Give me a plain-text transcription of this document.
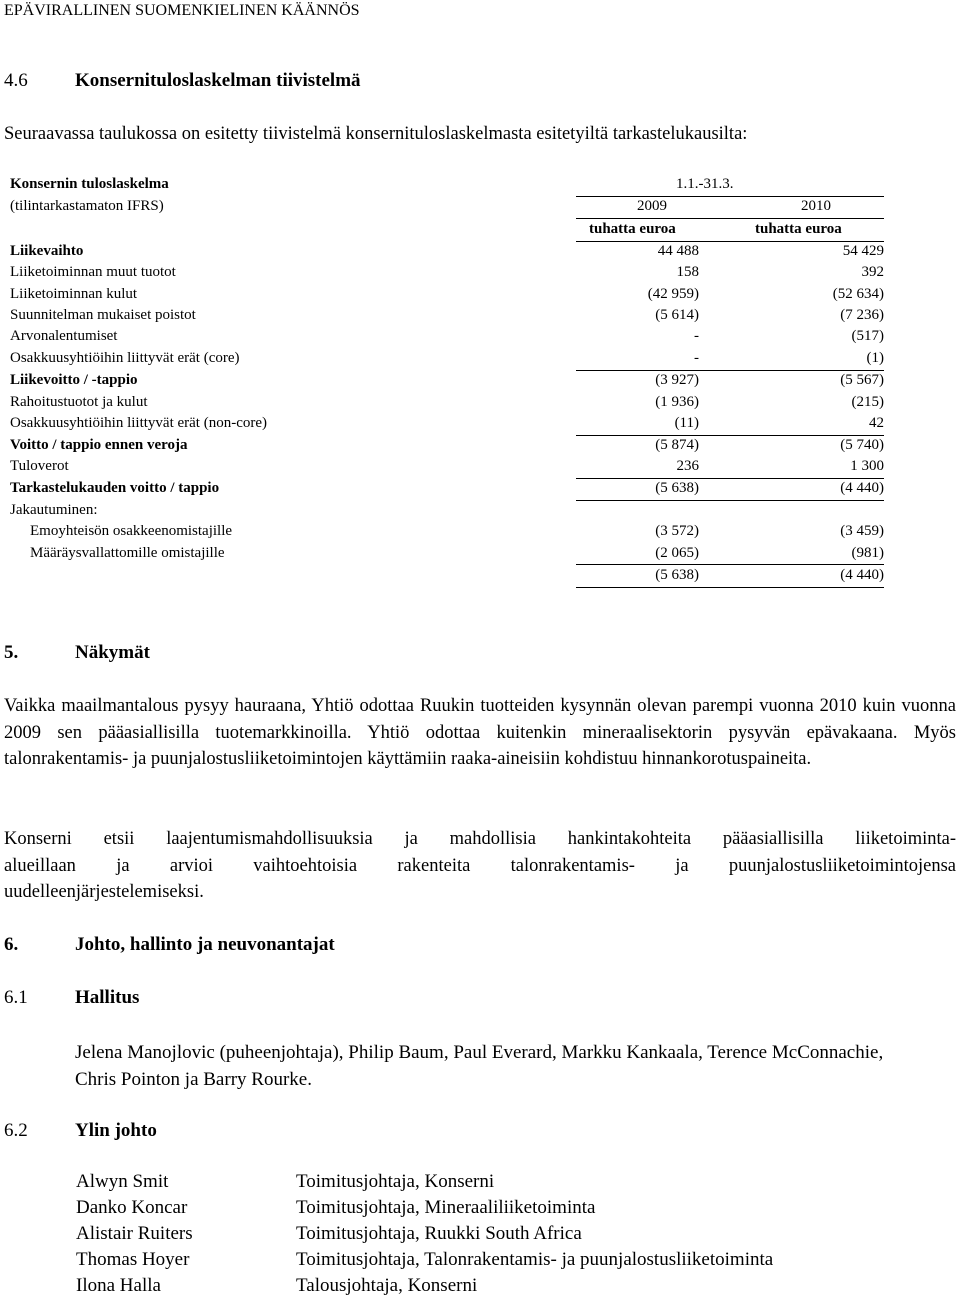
EPÄVIRALLINEN SUOMENKIELINEN KÄÄNNÖS
4.6 Konsernituloslaskelman tiivistelmä
Seuraavassa taulukossa on esitetty tiivistelmä konsernituloslaskelmasta esitetyiltä tarkastelukausilta:
Konsernin tuloslaskelma	1.1.-31.3.
(tilintarkastamaton IFRS)	2009	2010
tuhatta euroa	tuhatta euroa
Liikevaihto	44 488	54 429
Liiketoiminnan muut tuotot	158	392
Liiketoiminnan kulut	(42 959)	(52 634)
Suunnitelman mukaiset poistot	(5 614)	(7 236)
Arvonalentumiset	-	(517)
Osakkuusyhtiöihin liittyvät erät (core)	-	(1)
Liikevoitto / -tappio	(3 927)	(5 567)
Rahoitustuotot ja kulut	(1 936)	(215)
Osakkuusyhtiöihin liittyvät erät (non-core)	(11)	42
Voitto / tappio ennen veroja	(5 874)	(5 740)
Tuloverot	236	1 300
Tarkastelukauden voitto / tappio	(5 638)	(4 440)
Jakautuminen:
Emoyhteisön osakkeenomistajille	(3 572)	(3 459)
Määräysvallattomille omistajille	(2 065)	(981)
(5 638)	(4 440)
5.	Näkymät
Vaikka maailmantalous pysyy hauraana, Yhtiö odottaa Ruukin tuotteiden kysynnän olevan parempi vuonna 2010 kuin vuonna 2009 sen pääasiallisilla tuotemarkkinoilla. Yhtiö odottaa kuitenkin mineraalisektorin pysyvän epävakaana. Myös talonrakentamis- ja puunjalostusliiketoimintojen käyttämiin raaka-aineisiin kohdistuu hinnankorotuspaineita.
Konserni etsii laajentumismahdollisuuksia ja mahdollisia hankintakohteita pääasiallisilla liiketoiminta-
alueillaan ja arvioi vaihtoehtoisia rakenteita talonrakentamis- ja puunjalostusliiketoimintojensa
uudelleenjärjestelemiseksi.
6.	Johto, hallinto ja neuvonantajat
6.1 Hallitus
Jelena Manojlovic (puheenjohtaja), Philip Baum, Paul Everard, Markku Kankaala, Terence McConnachie, Chris Pointon ja Barry Rourke.
6.2 Ylin johto
Alwyn Smit	Toimitusjohtaja, Konserni
Danko Koncar	Toimitusjohtaja, Mineraaliliiketoiminta
Alistair Ruiters	Toimitusjohtaja, Ruukki South Africa
Thomas Hoyer	Toimitusjohtaja, Talonrakentamis- ja puunjalostusliiketoiminta
Ilona Halla	Talousjohtaja, Konserni
